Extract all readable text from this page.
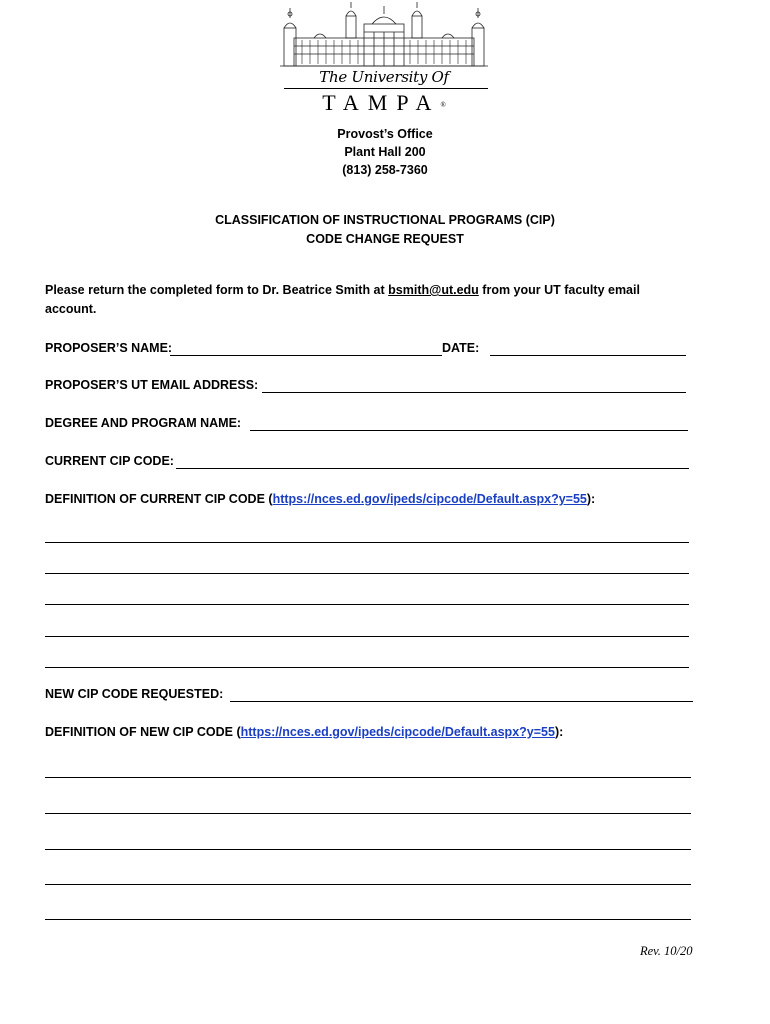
The University Of
TAMPA®
Provost’s Office
Plant Hall 200
(813) 258-7360
CLASSIFICATION OF INSTRUCTIONAL PROGRAMS (CIP)
CODE CHANGE REQUEST
Please return the completed form to Dr. Beatrice Smith at bsmith@ut.edu from your UT faculty email
account.
PROPOSER’S NAME:	DATE:
PROPOSER’S UT EMAIL ADDRESS:
DEGREE AND PROGRAM NAME:
CURRENT CIP CODE:
DEFINITION OF CURRENT CIP CODE (https://nces.ed.gov/ipeds/cipcode/Default.aspx?y=55):
NEW CIP CODE REQUESTED:
DEFINITION OF NEW CIP CODE (https://nces.ed.gov/ipeds/cipcode/Default.aspx?y=55):
Rev. 10/20
